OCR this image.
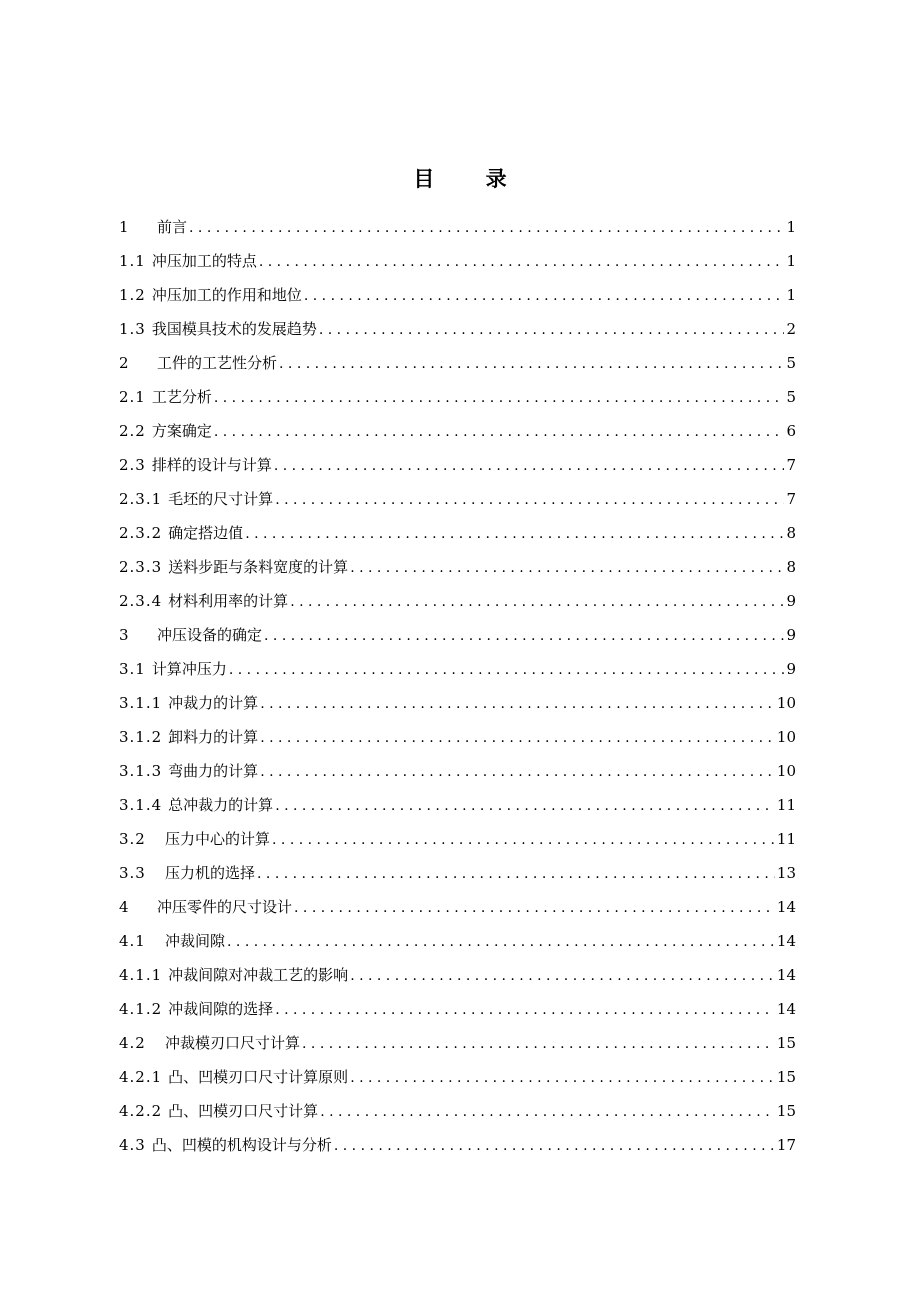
目 录
1	前言 . . .	1
1.1 冲压加工的特点 . . .	1
1.2 冲压加工的作用和地位 . . .	1
1.3 我国模具技术的发展趋势 . . .	2
2	工件的工艺性分析 . . .	5
2.1 工艺分析 . . .	5
2.2 方案确定 . . .	6
2.3 排样的设计与计算 . . .	7
2.3.1 毛坯的尺寸计算 . . .	7
2.3.2 确定搭边值 . . .	8
2.3.3 送料步距与条料宽度的计算 . . .	8
2.3.4 材料利用率的计算 . . .	9
3	冲压设备的确定 . . .	9
3.1 计算冲压力 . . .	9
3.1.1 冲裁力的计算 . . .	10
3.1.2 卸料力的计算 . . .	10
3.1.3 弯曲力的计算 . . .	10
3.1.4 总冲裁力的计算 . . .	11
3.2	压力中心的计算 . . .	11
3.3	压力机的选择 . . .	13
4	冲压零件的尺寸设计 . . .	14
4.1	冲裁间隙 . . .	14
4.1.1 冲裁间隙对冲裁工艺的影响 . . .	14
4.1.2 冲裁间隙的选择 . . .	14
4.2	冲裁模刃口尺寸计算 . . .	15
4.2.1 凸、凹模刃口尺寸计算原则 . . .	15
4.2.2 凸、凹模刃口尺寸计算 . . .	15
4.3 凸、凹模的机构设计与分析 . . .	17
